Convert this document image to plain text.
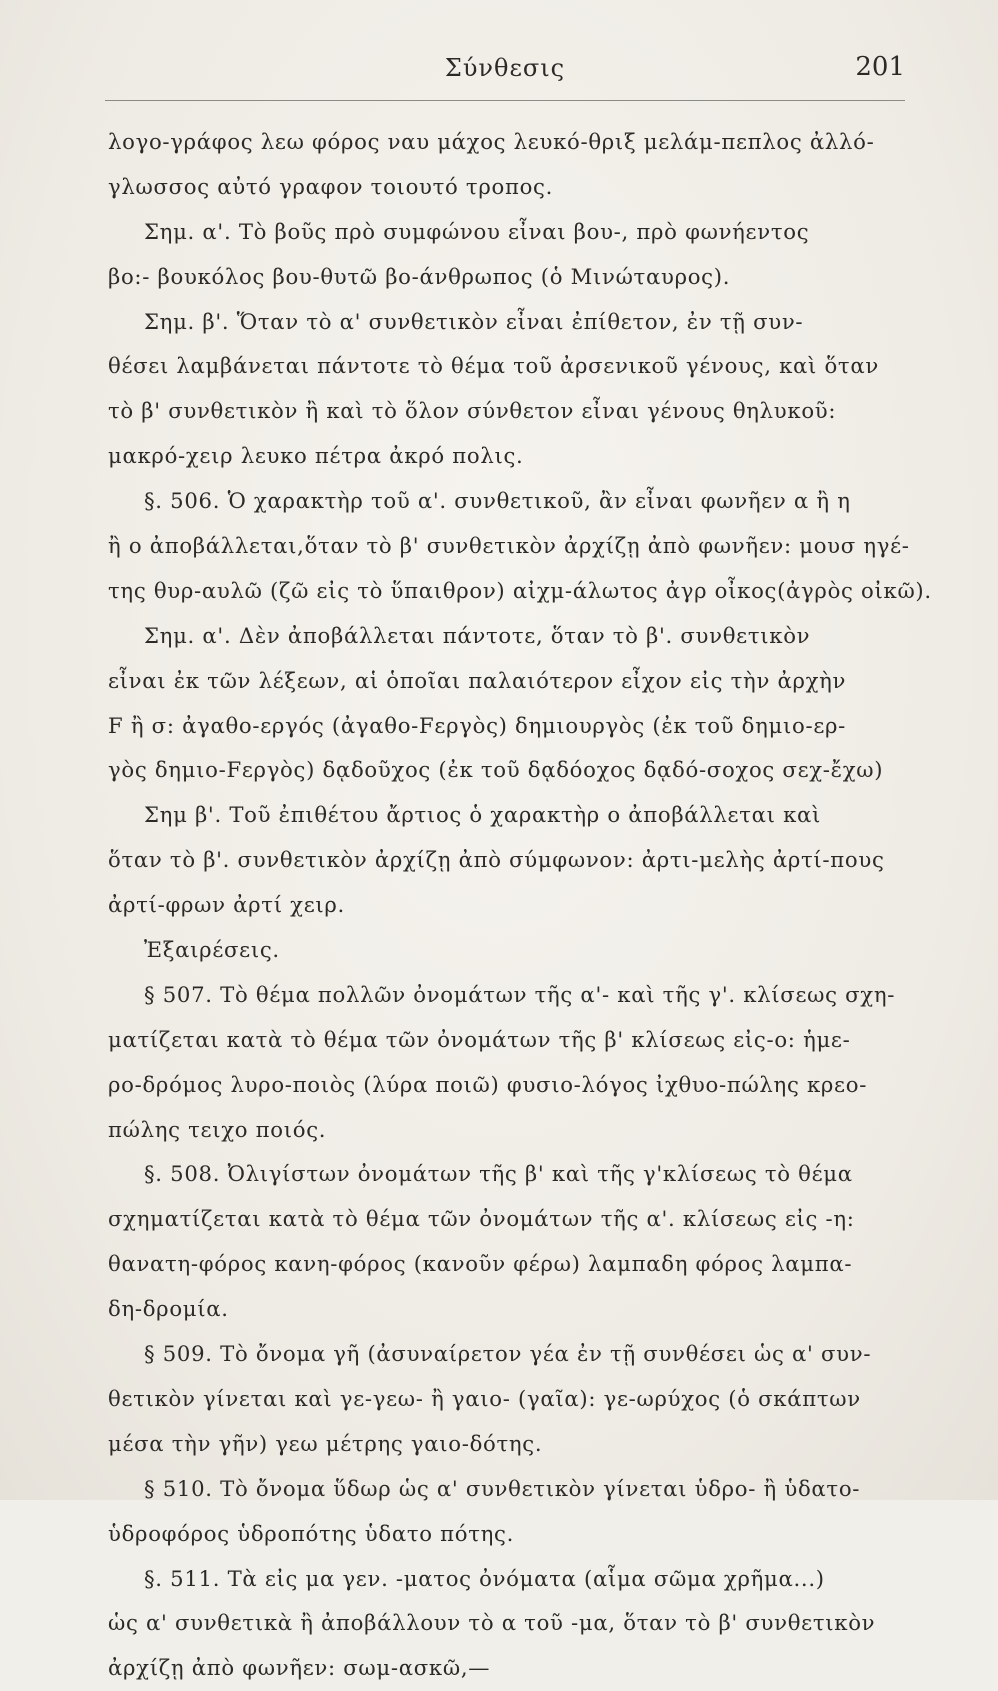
Σύνθεσις	201
λογο-γράφος λεω φόρος ναυ μάχος λευκό-θριξ μελάμ-πεπλος ἀλλό-
γλωσσος αὐτό γραφον τοιουτό τροπος.
Σημ. α'. Τὸ βοῦς πρὸ συμφώνου εἶναι βου-, πρὸ φωνήεντος
βο:- βουκόλος βου-θυτῶ βο-άνθρωπος (ὁ Μινώταυρος).
Σημ. β'. Ὅταν τὸ α' συνθετικὸν εἶναι ἐπίθετον, ἐν τῇ συν-
θέσει λαμβάνεται πάντοτε τὸ θέμα τοῦ ἀρσενικοῦ γένους, καὶ ὅταν
τὸ β' συνθετικὸν ἢ καὶ τὸ ὅλον σύνθετον εἶναι γένους θηλυκοῦ:
μακρό-χειρ λευκο πέτρα ἀκρό πολις.
§. 506. Ὁ χαρακτὴρ τοῦ α'. συνθετικοῦ, ἂν εἶναι φωνῆεν α ἢ η
ἢ ο ἀποβάλλεται,ὅταν τὸ β' συνθετικὸν ἀρχίζῃ ἀπὸ φωνῆεν: μουσ ηγέ-
της θυρ-αυλῶ (ζῶ εἰς τὸ ὕπαιθρον) αἰχμ-άλωτος ἀγρ οἶκος(ἀγρὸς οἰκῶ).
Σημ. α'. Δὲν ἀποβάλλεται πάντοτε, ὅταν τὸ β'. συνθετικὸν
εἶναι ἐκ τῶν λέξεων, αἱ ὁποῖαι παλαιότερον εἶχον εἰς τὴν ἀρχὴν
F ἢ σ: ἀγαθο-εργός (ἀγαθο-Fεργὸς) δημιουργὸς (ἐκ τοῦ δημιο-ερ-
γὸς δημιο-Fεργὸς) δᾳδοῦχος (ἐκ τοῦ δᾳδόοχος δᾳδό-σοχος σεχ-ἔχω)
Σημ β'. Τοῦ ἐπιθέτου ἄρτιος ὁ χαρακτὴρ ο ἀποβάλλεται καὶ
ὅταν τὸ β'. συνθετικὸν ἀρχίζῃ ἀπὸ σύμφωνον: ἀρτι-μελὴς ἀρτί-πους
ἀρτί-φρων ἀρτί χειρ.
Ἐξαιρέσεις.
§ 507. Τὸ θέμα πολλῶν ὀνομάτων τῆς α'- καὶ τῆς γ'. κλίσεως σχη-
ματίζεται κατὰ τὸ θέμα τῶν ὀνομάτων τῆς β' κλίσεως εἰς-ο: ἡμε-
ρο-δρόμος λυρο-ποιὸς (λύρα ποιῶ) φυσιο-λόγος ἰχθυο-πώλης κρεο-
πώλης τειχο ποιός.
§. 508. Ὀλιγίστων ὀνομάτων τῆς β' καὶ τῆς γ'κλίσεως τὸ θέμα
σχηματίζεται κατὰ τὸ θέμα τῶν ὀνομάτων τῆς α'. κλίσεως εἰς -η:
θανατη-φόρος κανη-φόρος (κανοῦν φέρω) λαμπαδη φόρος λαμπα-
δη-δρομία.
§ 509. Τὸ ὄνομα γῆ (ἀσυναίρετον γέα ἐν τῇ συνθέσει ὡς α' συν-
θετικὸν γίνεται καὶ γε-γεω- ἢ γαιο- (γαῖα): γε-ωρύχος (ὁ σκάπτων
μέσα τὴν γῆν) γεω μέτρης γαιο-δότης.
§ 510. Τὸ ὄνομα ὕδωρ ὡς α' συνθετικὸν γίνεται ὑδρο- ἢ ὑδατο-
ὑδροφόρος ὑδροπότης ὑδατο πότης.
§. 511. Τὰ εἰς μα γεν. -ματος ὀνόματα (αἷμα σῶμα χρῆμα...)
ὡς α' συνθετικὰ ἢ ἀποβάλλουν τὸ α τοῦ -μα, ὅταν τὸ β' συνθετικὸν
ἀρχίζῃ ἀπὸ φωνῆεν: σωμ-ασκῶ,—
